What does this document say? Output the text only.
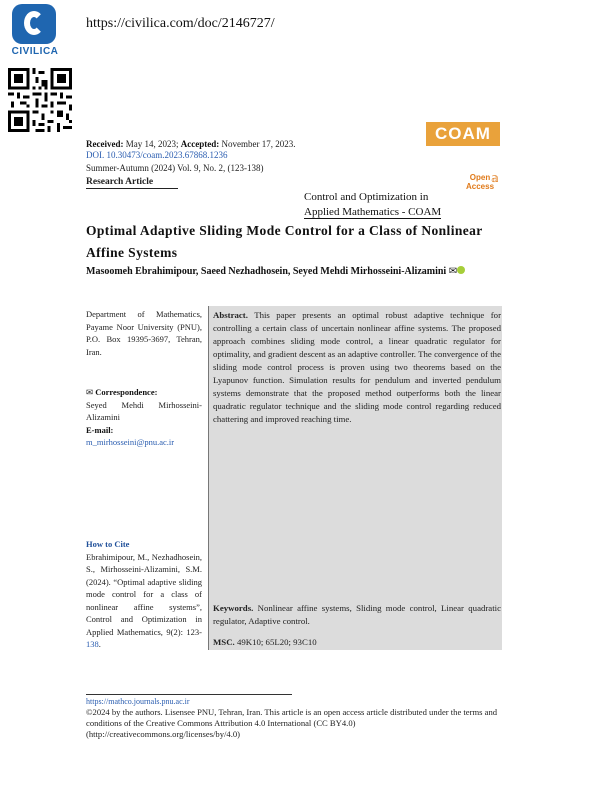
CIVILICA
https://civilica.com/doc/2146727/
Received: May 14, 2023; Accepted: November 17, 2023.
DOI. 10.30473/coam.2023.67868.1236
Summer-Autumn (2024) Vol. 9, No. 2, (123-138)
Research Article
COAM
Open
Access
𝕒
Control and Optimization in
Applied Mathematics - COAM
Optimal Adaptive Sliding Mode Control for a Class of Nonlinear
Affine Systems
Masoomeh Ebrahimipour, Saeed Nezhadhosein, Seyed Mehdi Mirhosseini-Alizamini ✉
Department of Mathematics, Payame Noor University (PNU), P.O. Box 19395-3697, Tehran, Iran.
✉ Correspondence:
Seyed Mehdi Mirhosseini-Alizamini
E-mail:
m_mirhosseini@pnu.ac.ir
How to Cite
Ebrahimipour, M., Nezhadhosein, S., Mirhosseini-Alizamini, S.M. (2024). “Optimal adaptive sliding mode control for a class of nonlinear affine systems”, Control and Optimization in Applied Mathematics, 9(2): 123-138.
Abstract. This paper presents an optimal robust adaptive technique for controlling a certain class of uncertain nonlinear affine systems. The proposed approach combines sliding mode control, a linear quadratic regulator for optimality, and gradient descent as an adaptive controller. The convergence of the sliding mode control process is proven using two theorems based on the Lyapunov function. Simulation results for pendulum and inverted pendulum systems demonstrate that the proposed method outperforms both the linear quadratic regulator technique and the sliding mode control regarding reduced chattering and improved reaching time.
Keywords. Nonlinear affine systems, Sliding mode control, Linear quadratic regulator, Adaptive control.
MSC. 49K10; 65L20; 93C10
https://mathco.journals.pnu.ac.ir
©2024 by the authors. Lisensee PNU, Tehran, Iran. This article is an open access article distributed under the terms and conditions of the Creative Commons Attribution 4.0 International (CC BY4.0) (http://creativecommons.org/licenses/by/4.0)
